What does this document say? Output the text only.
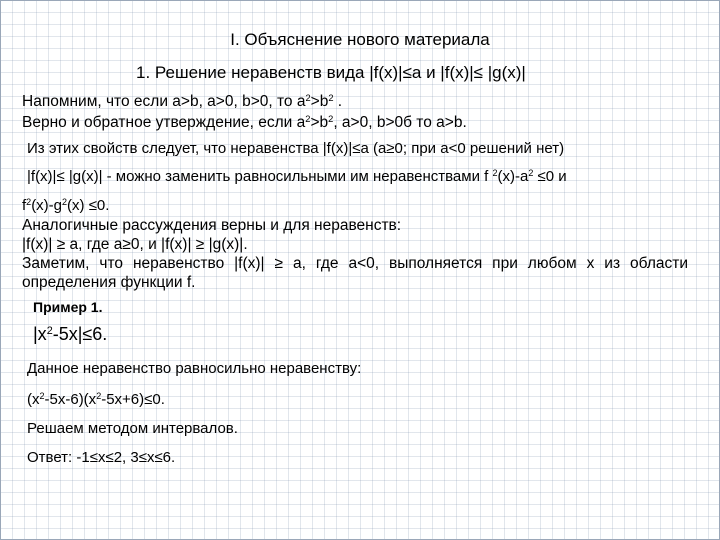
I. Объяснение нового материала
1. Решение неравенств вида |f(x)|≤a и |f(x)|≤ |g(x)|
Напомним, что если a>b, a>0, b>0, то $a^2>b^2$ .
Верно и обратное утверждение, если $a^2>b^2$, a>0, b>0б то a>b.
Из этих свойств следует, что неравенства |f(x)|≤a (a≥0; при a<0 решений нет)
|f(x)|≤ |g(x)| - можно заменить равносильными им неравенствами f $^2(x)-a^2 \le 0$ и
$f^2(x)-g^2(x) \le 0$.
Аналогичные рассуждения верны и для неравенств:
|f(x)| ≥ a, где a≥0, и |f(x)| ≥ |g(x)|.
Заметим, что неравенство |f(x)| ≥ a, где a<0, выполняется при любом x из области определения функции f.
Пример 1.
$|x^2-5x|\le 6$.
Данное неравенство равносильно неравенству:
$(x^2-5x-6)(x^2-5x+6)\le 0$.
Решаем методом интервалов.
Ответ: -1≤x≤2, 3≤x≤6.
